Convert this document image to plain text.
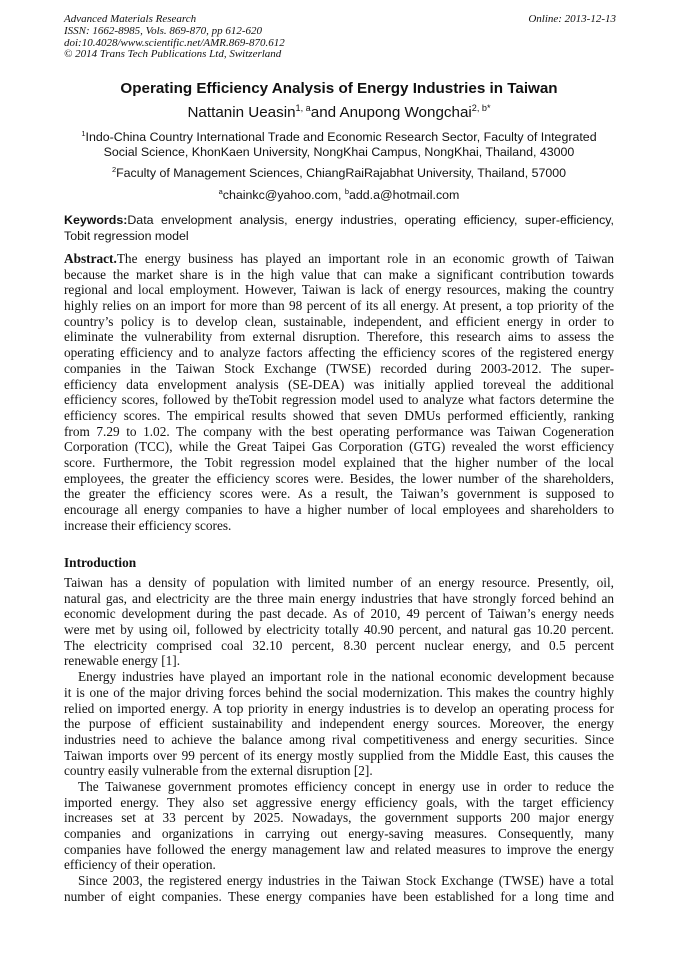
Advanced Materials Research
ISSN: 1662-8985, Vols. 869-870, pp 612-620
doi:10.4028/www.scientific.net/AMR.869-870.612
© 2014 Trans Tech Publications Ltd, Switzerland
Online: 2013-12-13
Operating Efficiency Analysis of Energy Industries in Taiwan
Nattanin Ueasin$^{1, a}$and Anupong Wongchai$^{2, b*}$
$^1$Indo-China Country International Trade and Economic Research Sector, Faculty of Integrated
Social Science, KhonKaen University, NongKhai Campus, NongKhai, Thailand, 43000
$^2$Faculty of Management Sciences, ChiangRaiRajabhat University, Thailand, 57000
$^a$chainkc@yahoo.com, $^b$add.a@hotmail.com
Keywords:Data envelopment analysis, energy industries, operating efficiency, super-efficiency,
Tobit regression model
Abstract.The energy business has played an important role in an economic growth of Taiwan
because the market share is in the high value that can make a significant contribution towards
regional and local employment. However, Taiwan is lack of energy resources, making the country
highly relies on an import for more than 98 percent of its all energy. At present, a top priority of the
country’s policy is to develop clean, sustainable, independent, and efficient energy in order to
eliminate the vulnerability from external disruption. Therefore, this research aims to assess the
operating efficiency and to analyze factors affecting the efficiency scores of the registered energy
companies in the Taiwan Stock Exchange (TWSE) recorded during 2003-2012. The super-
efficiency data envelopment analysis (SE-DEA) was initially applied toreveal the additional
efficiency scores, followed by theTobit regression model used to analyze what factors determine the
efficiency scores. The empirical results showed that seven DMUs performed efficiently, ranking
from 7.29 to 1.02. The company with the best operating performance was Taiwan Cogeneration
Corporation (TCC), while the Great Taipei Gas Corporation (GTG) revealed the worst efficiency
score. Furthermore, the Tobit regression model explained that the higher number of the local
employees, the greater the efficiency scores were. Besides, the lower number of the shareholders,
the greater the efficiency scores were. As a result, the Taiwan’s government is supposed to
encourage all energy companies to have a higher number of local employees and shareholders to
increase their efficiency scores.
Introduction
Taiwan has a density of population with limited number of an energy resource. Presently, oil,
natural gas, and electricity are the three main energy industries that have strongly forced behind an
economic development during the past decade. As of 2010, 49 percent of Taiwan’s energy needs
were met by using oil, followed by electricity totally 40.90 percent, and natural gas 10.20 percent.
The electricity comprised coal 32.10 percent, 8.30 percent nuclear energy, and 0.5 percent
renewable energy [1].
Energy industries have played an important role in the national economic development because
it is one of the major driving forces behind the social modernization. This makes the country highly
relied on imported energy. A top priority in energy industries is to develop an operating process for
the purpose of efficient sustainability and independent energy sources. Moreover, the energy
industries need to achieve the balance among rival competitiveness and energy securities. Since
Taiwan imports over 99 percent of its energy mostly supplied from the Middle East, this causes the
country easily vulnerable from the external disruption [2].
The Taiwanese government promotes efficiency concept in energy use in order to reduce the
imported energy. They also set aggressive energy efficiency goals, with the target efficiency
increases set at 33 percent by 2025. Nowadays, the government supports 200 major energy
companies and organizations in carrying out energy-saving measures. Consequently, many
companies have followed the energy management law and related measures to improve the energy
efficiency of their operation.
Since 2003, the registered energy industries in the Taiwan Stock Exchange (TWSE) have a total
number of eight companies. These energy companies have been established for a long time and
